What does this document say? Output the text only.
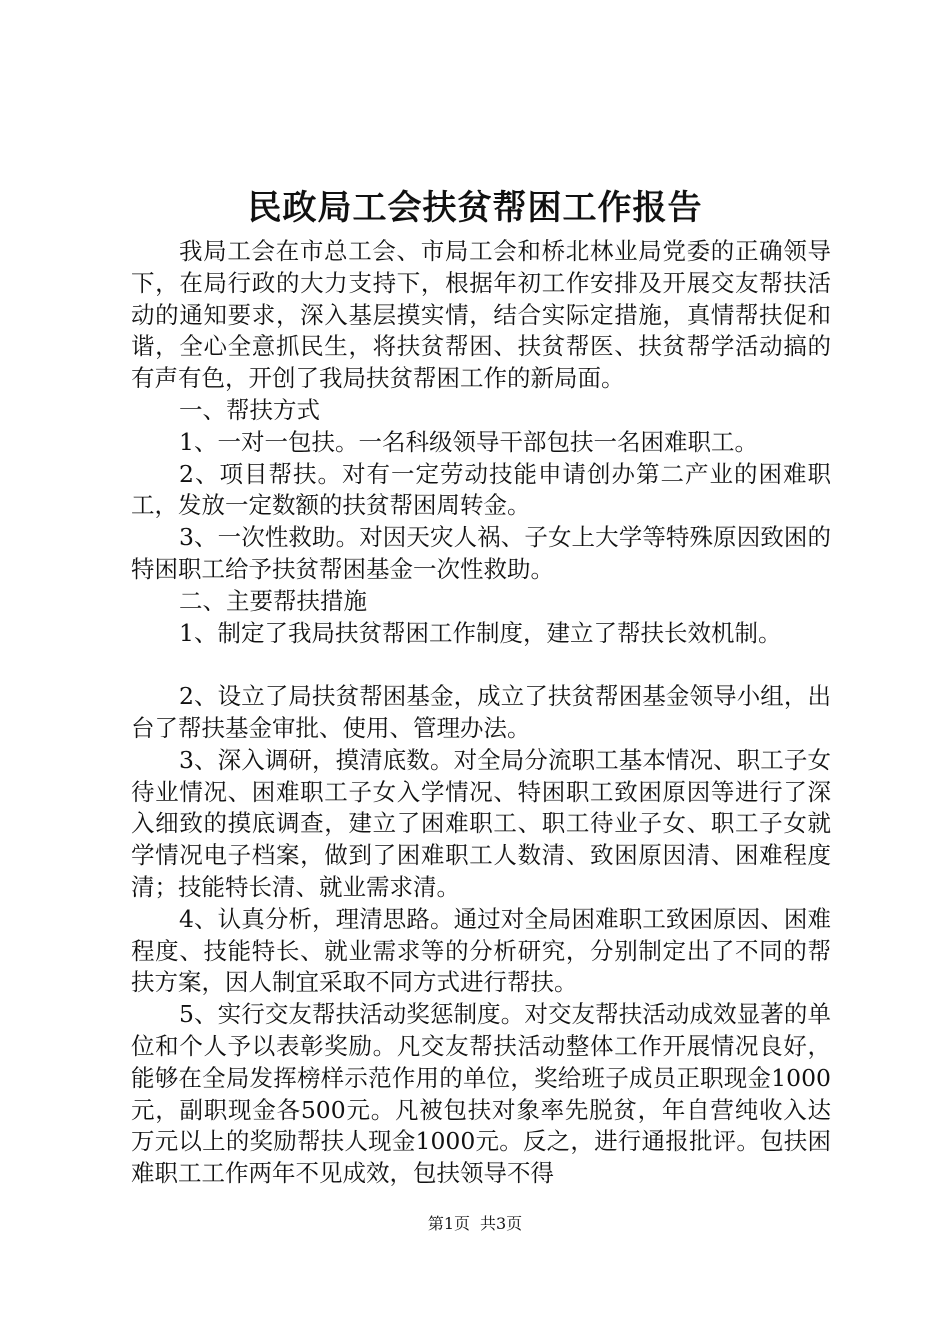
民政局工会扶贫帮困工作报告

我局工会在市总工会、市局工会和桥北林业局党委的正确领导下，在局行政的大力支持下，根据年初工作安排及开展交友帮扶活动的通知要求，深入基层摸实情，结合实际定措施，真情帮扶促和谐，全心全意抓民生，将扶贫帮困、扶贫帮医、扶贫帮学活动搞的有声有色，开创了我局扶贫帮困工作的新局面。

一、帮扶方式

1、一对一包扶。一名科级领导干部包扶一名困难职工。

2、项目帮扶。对有一定劳动技能申请创办第二产业的困难职工，发放一定数额的扶贫帮困周转金。

3、一次性救助。对因天灾人祸、子女上大学等特殊原因致困的特困职工给予扶贫帮困基金一次性救助。

二、主要帮扶措施

1、制定了我局扶贫帮困工作制度，建立了帮扶长效机制。

2、设立了局扶贫帮困基金，成立了扶贫帮困基金领导小组，出台了帮扶基金审批、使用、管理办法。

3、深入调研，摸清底数。对全局分流职工基本情况、职工子女待业情况、困难职工子女入学情况、特困职工致困原因等进行了深入细致的摸底调查，建立了困难职工、职工待业子女、职工子女就学情况电子档案，做到了困难职工人数清、致困原因清、困难程度清；技能特长清、就业需求清。

4、认真分析，理清思路。通过对全局困难职工致困原因、困难程度、技能特长、就业需求等的分析研究，分别制定出了不同的帮扶方案，因人制宜采取不同方式进行帮扶。

5、实行交友帮扶活动奖惩制度。对交友帮扶活动成效显著的单位和个人予以表彰奖励。凡交友帮扶活动整体工作开展情况良好，能够在全局发挥榜样示范作用的单位，奖给班子成员正职现金1000元，副职现金各500元。凡被包扶对象率先脱贫，年自营纯收入达万元以上的奖励帮扶人现金1000元。反之，进行通报批评。包扶困难职工工作两年不见成效，包扶领导不得

第1页 共3页
